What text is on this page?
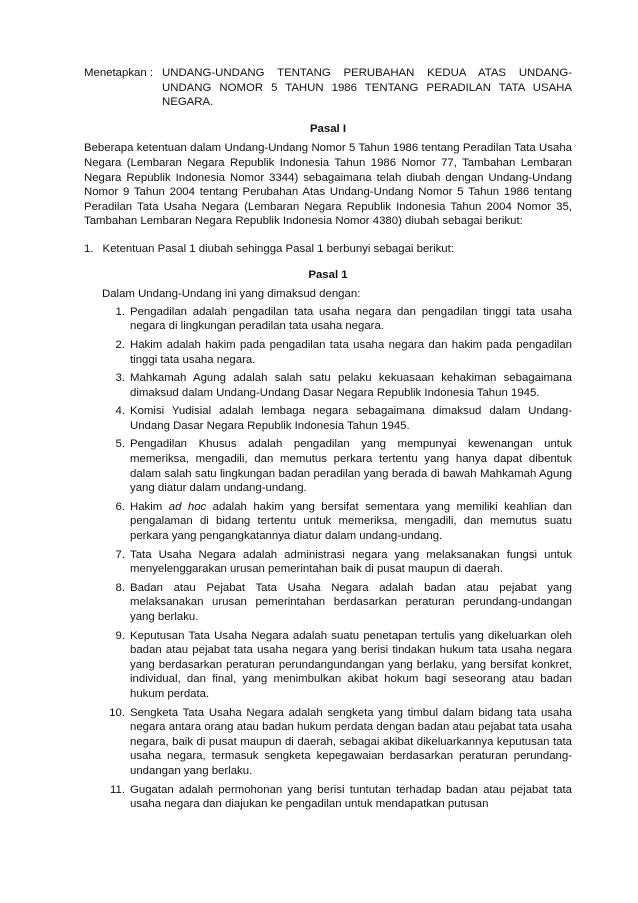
Menetapkan : UNDANG-UNDANG TENTANG PERUBAHAN KEDUA ATAS UNDANG-UNDANG NOMOR 5 TAHUN 1986 TENTANG PERADILAN TATA USAHA NEGARA.
Pasal I
Beberapa ketentuan dalam Undang-Undang Nomor 5 Tahun 1986 tentang Peradilan Tata Usaha Negara (Lembaran Negara Republik Indonesia Tahun 1986 Nomor 77, Tambahan Lembaran Negara Republik Indonesia Nomor 3344) sebagaimana telah diubah dengan Undang-Undang Nomor 9 Tahun 2004 tentang Perubahan Atas Undang-Undang Nomor 5 Tahun 1986 tentang Peradilan Tata Usaha Negara (Lembaran Negara Republik Indonesia Tahun 2004 Nomor 35, Tambahan Lembaran Negara Republik Indonesia Nomor 4380) diubah sebagai berikut:
1. Ketentuan Pasal 1 diubah sehingga Pasal 1 berbunyi sebagai berikut:
Pasal 1
Dalam Undang-Undang ini yang dimaksud dengan:
1. Pengadilan adalah pengadilan tata usaha negara dan pengadilan tinggi tata usaha negara di lingkungan peradilan tata usaha negara.
2. Hakim adalah hakim pada pengadilan tata usaha negara dan hakim pada pengadilan tinggi tata usaha negara.
3. Mahkamah Agung adalah salah satu pelaku kekuasaan kehakiman sebagaimana dimaksud dalam Undang-Undang Dasar Negara Republik Indonesia Tahun 1945.
4. Komisi Yudisial adalah lembaga negara sebagaimana dimaksud dalam Undang-Undang Dasar Negara Republik Indonesia Tahun 1945.
5. Pengadilan Khusus adalah pengadilan yang mempunyai kewenangan untuk memeriksa, mengadili, dan memutus perkara tertentu yang hanya dapat dibentuk dalam salah satu lingkungan badan peradilan yang berada di bawah Mahkamah Agung yang diatur dalam undang-undang.
6. Hakim ad hoc adalah hakim yang bersifat sementara yang memiliki keahlian dan pengalaman di bidang tertentu untuk memeriksa, mengadili, dan memutus suatu perkara yang pengangkatannya diatur dalam undang-undang.
7. Tata Usaha Negara adalah administrasi negara yang melaksanakan fungsi untuk menyelenggarakan urusan pemerintahan baik di pusat maupun di daerah.
8. Badan atau Pejabat Tata Usaha Negara adalah badan atau pejabat yang melaksanakan urusan pemerintahan berdasarkan peraturan perundang-undangan yang berlaku.
9. Keputusan Tata Usaha Negara adalah suatu penetapan tertulis yang dikeluarkan oleh badan atau pejabat tata usaha negara yang berisi tindakan hukum tata usaha negara yang berdasarkan peraturan perundangundangan yang berlaku, yang bersifat konkret, individual, dan final, yang menimbulkan akibat hokum bagi seseorang atau badan hukum perdata.
10. Sengketa Tata Usaha Negara adalah sengketa yang timbul dalam bidang tata usaha negara antara orang atau badan hukum perdata dengan badan atau pejabat tata usaha negara, baik di pusat maupun di daerah, sebagai akibat dikeluarkannya keputusan tata usaha negara, termasuk sengketa kepegawaian berdasarkan peraturan perundang-undangan yang berlaku.
11. Gugatan adalah permohonan yang berisi tuntutan terhadap badan atau pejabat tata usaha negara dan diajukan ke pengadilan untuk mendapatkan putusan
